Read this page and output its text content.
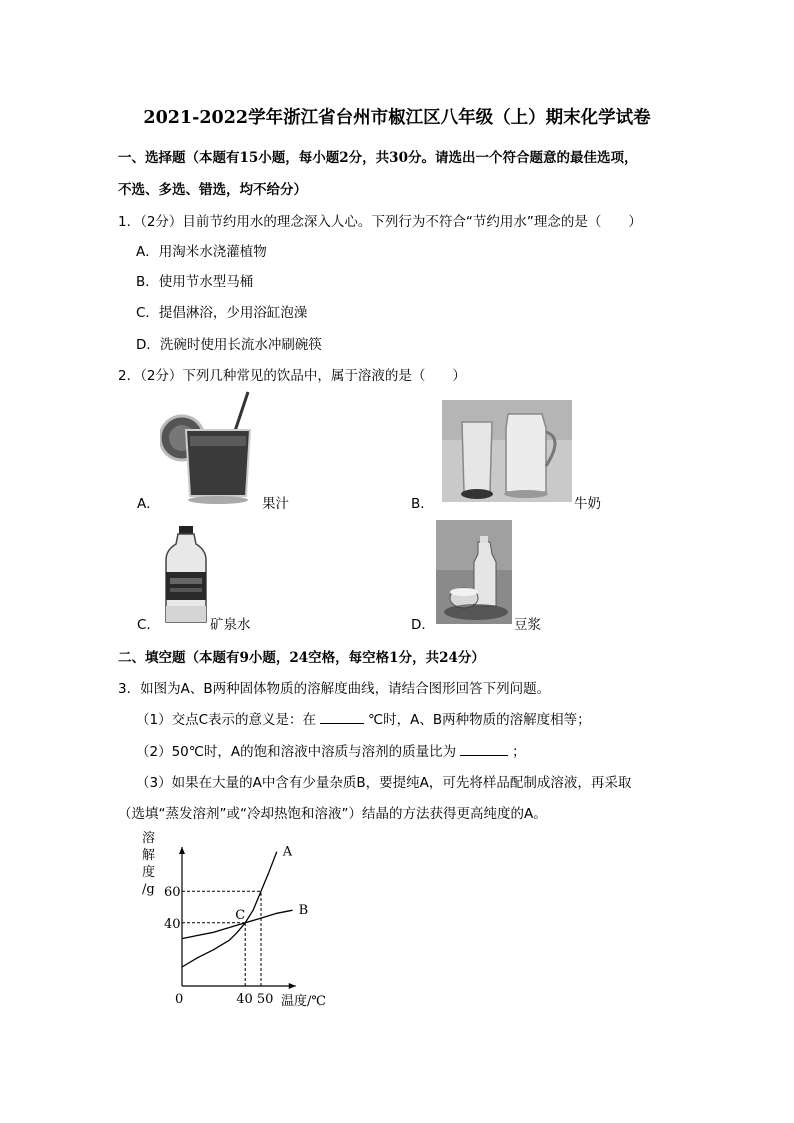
2021-2022学年浙江省台州市椒江区八年级（上）期末化学试卷
一、选择题（本题有15小题，每小题2分，共30分。请选出一个符合题意的最佳选项，
不选、多选、错选，均不给分）
1．（2分）目前节约用水的理念深入人心。下列行为不符合“节约用水”理念的是（　　）
A．用淘米水浇灌植物
B．使用节水型马桶
C．提倡淋浴，少用浴缸泡澡
D．洗碗时使用长流水冲刷碗筷
2．（2分）下列几种常见的饮品中，属于溶液的是（　　）
A．	果汁	B．	牛奶
C．	矿泉水	D．	豆浆
二、填空题（本题有9小题，24空格，每空格1分，共24分）
3．如图为A、B两种固体物质的溶解度曲线，请结合图形回答下列问题。
（1）交点C表示的意义是：在	℃时，A、B两种物质的溶解度相等；
（2）50℃时，A的饱和溶液中溶质与溶剂的质量比为	；
（3）如果在大量的A中含有少量杂质B，要提纯A，可先将样品配制成溶液，再采取
（选填“蒸发溶剂”或“冷却热饱和溶液”）结晶的方法获得更高纯度的A。
A
B
40
60
40 50
0	温度/℃
溶
解
度
/g
C
